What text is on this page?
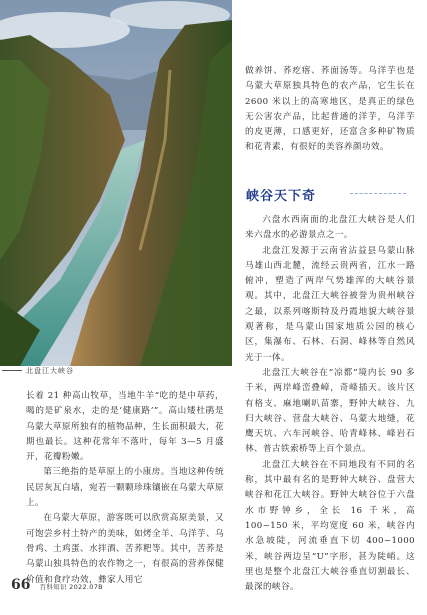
北盘江大峡谷

做养饼、荞疙瘩、荞面汤等。乌洋芋也是乌蒙大草原独具特色的农产品，它生长在 2600 米以上的高寒地区，是真正的绿色无公害农产品，比起普通的洋芋，乌洋芋的皮更薄，口感更好，还富含多种矿物质和花青素，有很好的美容养颜功效。

峡谷天下奇

六盘水西南面的北盘江大峡谷是人们来六盘水的必游景点之一。

北盘江发源于云南省沾益县乌蒙山脉马雄山西北麓，流经云贵两省，江水一路俯冲，塑造了两岸气势雄浑的大峡谷景观。其中，北盘江大峡谷被誉为贵州峡谷之最，以系列喀斯特及丹霞地貌大峡谷景观著称，是乌蒙山国家地质公园的核心区，集瀑布、石林、石洞、峰林等自然风光于一体。

北盘江大峡谷在“凉都”境内长 90 多千米，两岸峰峦叠嶂，奇峰插天。该片区有格支、麻地喇叭苗寨，野钟大峡谷、九归大峡谷、营盘大峡谷、乌蒙大地缝，花鹰天坑、六车河峡谷、哈青峰林、峰岩石林、普古铁索桥等上百个景点。

北盘江大峡谷在不同地段有不同的名称，其中最有名的是野钟大峡谷、盘营大峡谷和花江大峡谷。野钟大峡谷位于六盘水市野钟乡，全长 16 千米，高 100~150 米，平均宽度 60 米，峡谷内水急坡陡，河流垂直下切 400~1000 米，峡谷两边呈“U”字形，甚为陡峭。这里也是整个北盘江大峡谷垂直切割最长、最深的峡谷。

长着 21 种高山牧草，当地牛羊“吃的是中草药，喝的是矿泉水，走的是‘健康路’”。高山矮杜鹃是乌蒙大草原所独有的植物品种，生长面积最大，花期也最长。这种花常年不落叶，每年 3—5 月盛开，花瓣粉嫩。

第三绝指的是草原上的小康房。当地这种传统民居灰瓦白墙，宛若一颗颗珍珠镶嵌在乌蒙大草原上。

在乌蒙大草原，游客既可以欣赏高原美景，又可饱尝乡村土特产的美味，如烤全羊、乌洋芋、乌骨鸡、土鸡蛋、水拌酒、苦荞粑等。其中，苦荞是乌蒙山独具特色的农作物之一，有很高的营养保健价值和食疗功效，彝家人用它

66 百科知识 2022.07B
